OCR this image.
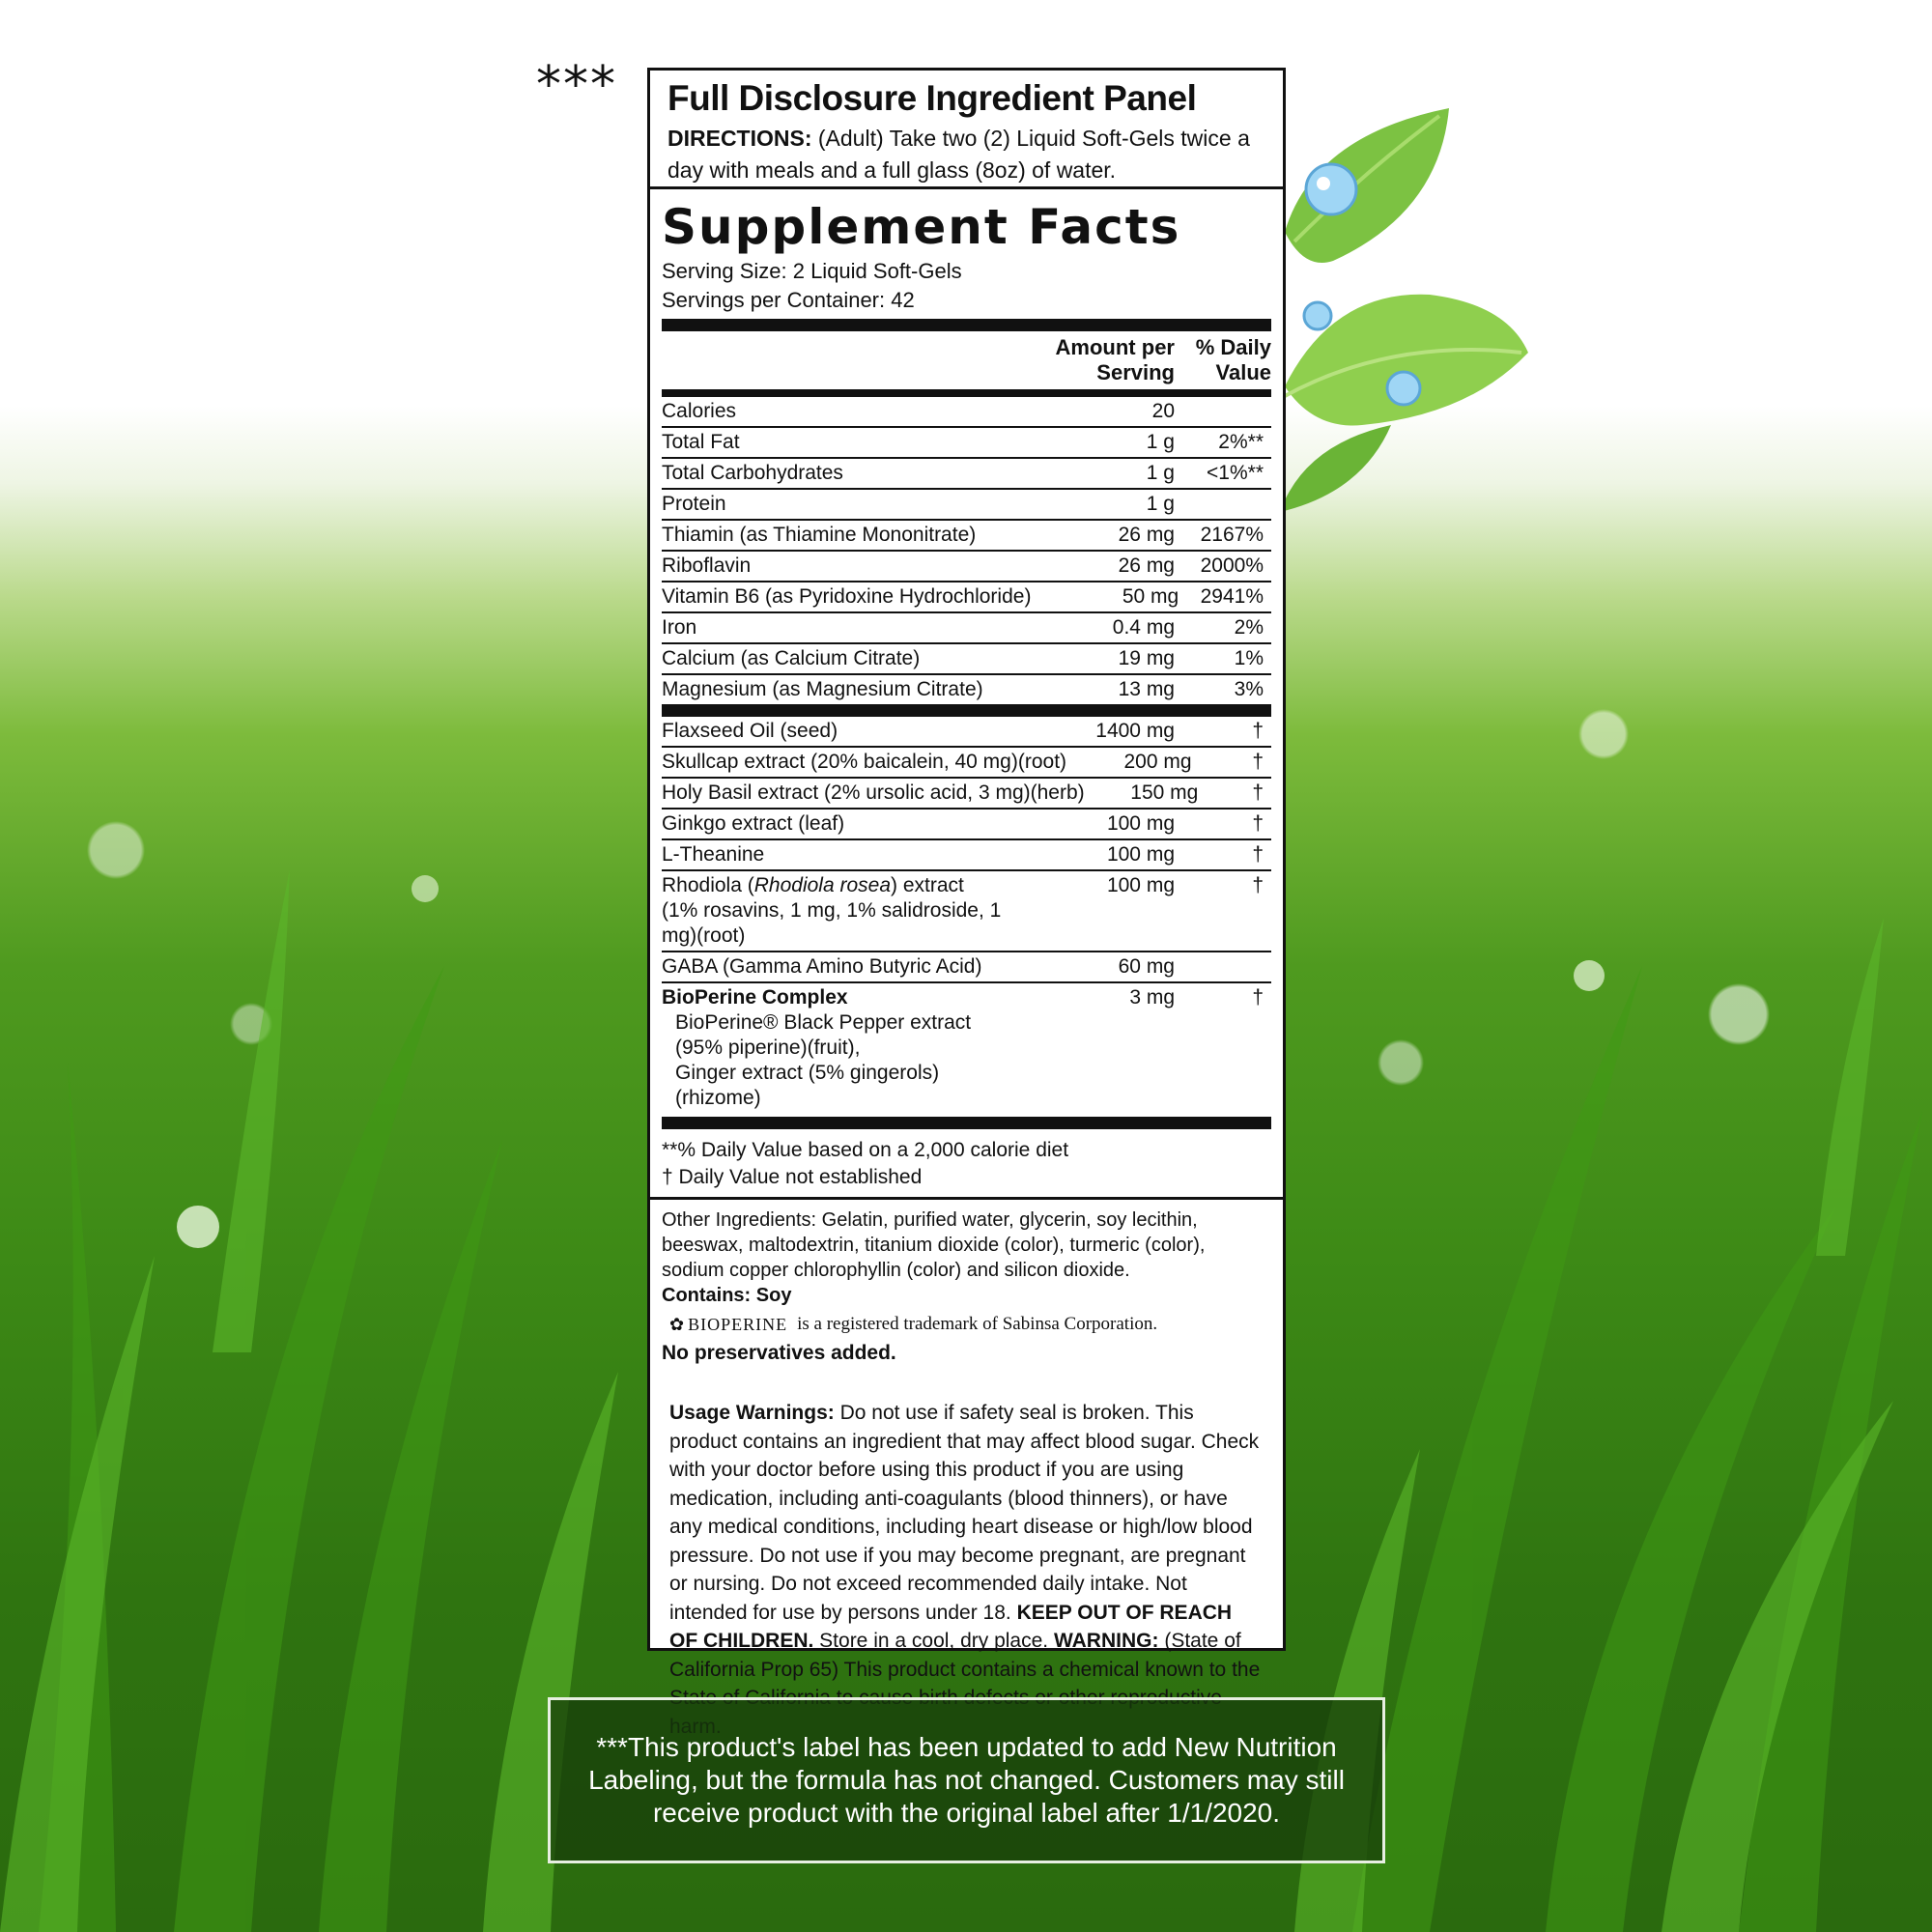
*** Full Disclosure Ingredient Panel
DIRECTIONS: (Adult) Take two (2) Liquid Soft-Gels twice a day with meals and a full glass (8oz) of water.
Supplement Facts
Serving Size: 2 Liquid Soft-Gels
Servings per Container: 42
Amount per Serving
% Daily Value
Calories	20
Total Fat	1 g	2%**
Total Carbohydrates	1 g	<1%**
Protein	1 g
Thiamin (as Thiamine Mononitrate)	26 mg	2167%
Riboflavin	26 mg	2000%
Vitamin B6 (as Pyridoxine Hydrochloride)	50 mg	2941%
Iron	0.4 mg	2%
Calcium (as Calcium Citrate)	19 mg	1%
Magnesium (as Magnesium Citrate)	13 mg	3%
Flaxseed Oil (seed)	1400 mg	†
Skullcap extract (20% baicalein, 40 mg)(root)	200 mg	†
Holy Basil extract (2% ursolic acid, 3 mg)(herb)	150 mg	†
Ginkgo extract (leaf)	100 mg	†
L-Theanine	100 mg	†
Rhodiola (Rhodiola rosea) extract
(1% rosavins, 1 mg, 1% salidroside, 1 mg)(root)
100 mg	†
GABA (Gamma Amino Butyric Acid)	60 mg
BioPerine Complex
BioPerine® Black Pepper extract (95% piperine)(fruit),
Ginger extract (5% gingerols)(rhizome)
3 mg	†
**% Daily Value based on a 2,000 calorie diet
† Daily Value not established
Other Ingredients: Gelatin, purified water, glycerin, soy lecithin, beeswax, maltodextrin, titanium dioxide (color), turmeric (color), sodium copper chlorophyllin (color) and silicon dioxide.
Contains: Soy
✿ BIOPERINE is a registered trademark of Sabinsa Corporation.
No preservatives added.
Usage Warnings: Do not use if safety seal is broken. This product contains an ingredient that may affect blood sugar. Check with your doctor before using this product if you are using medication, including anti-coagulants (blood thinners), or have any medical conditions, including heart disease or high/low blood pressure. Do not use if you may become pregnant, are pregnant or nursing. Do not exceed recommended daily intake. Not intended for use by persons under 18. KEEP OUT OF REACH OF CHILDREN. Store in a cool, dry place. WARNING: (State of California Prop 65) This product contains a chemical known to the
***This product's label has been updated to add New Nutrition Labeling, but the formula has not changed. Customers may still receive product with the original label after 1/1/2020.
